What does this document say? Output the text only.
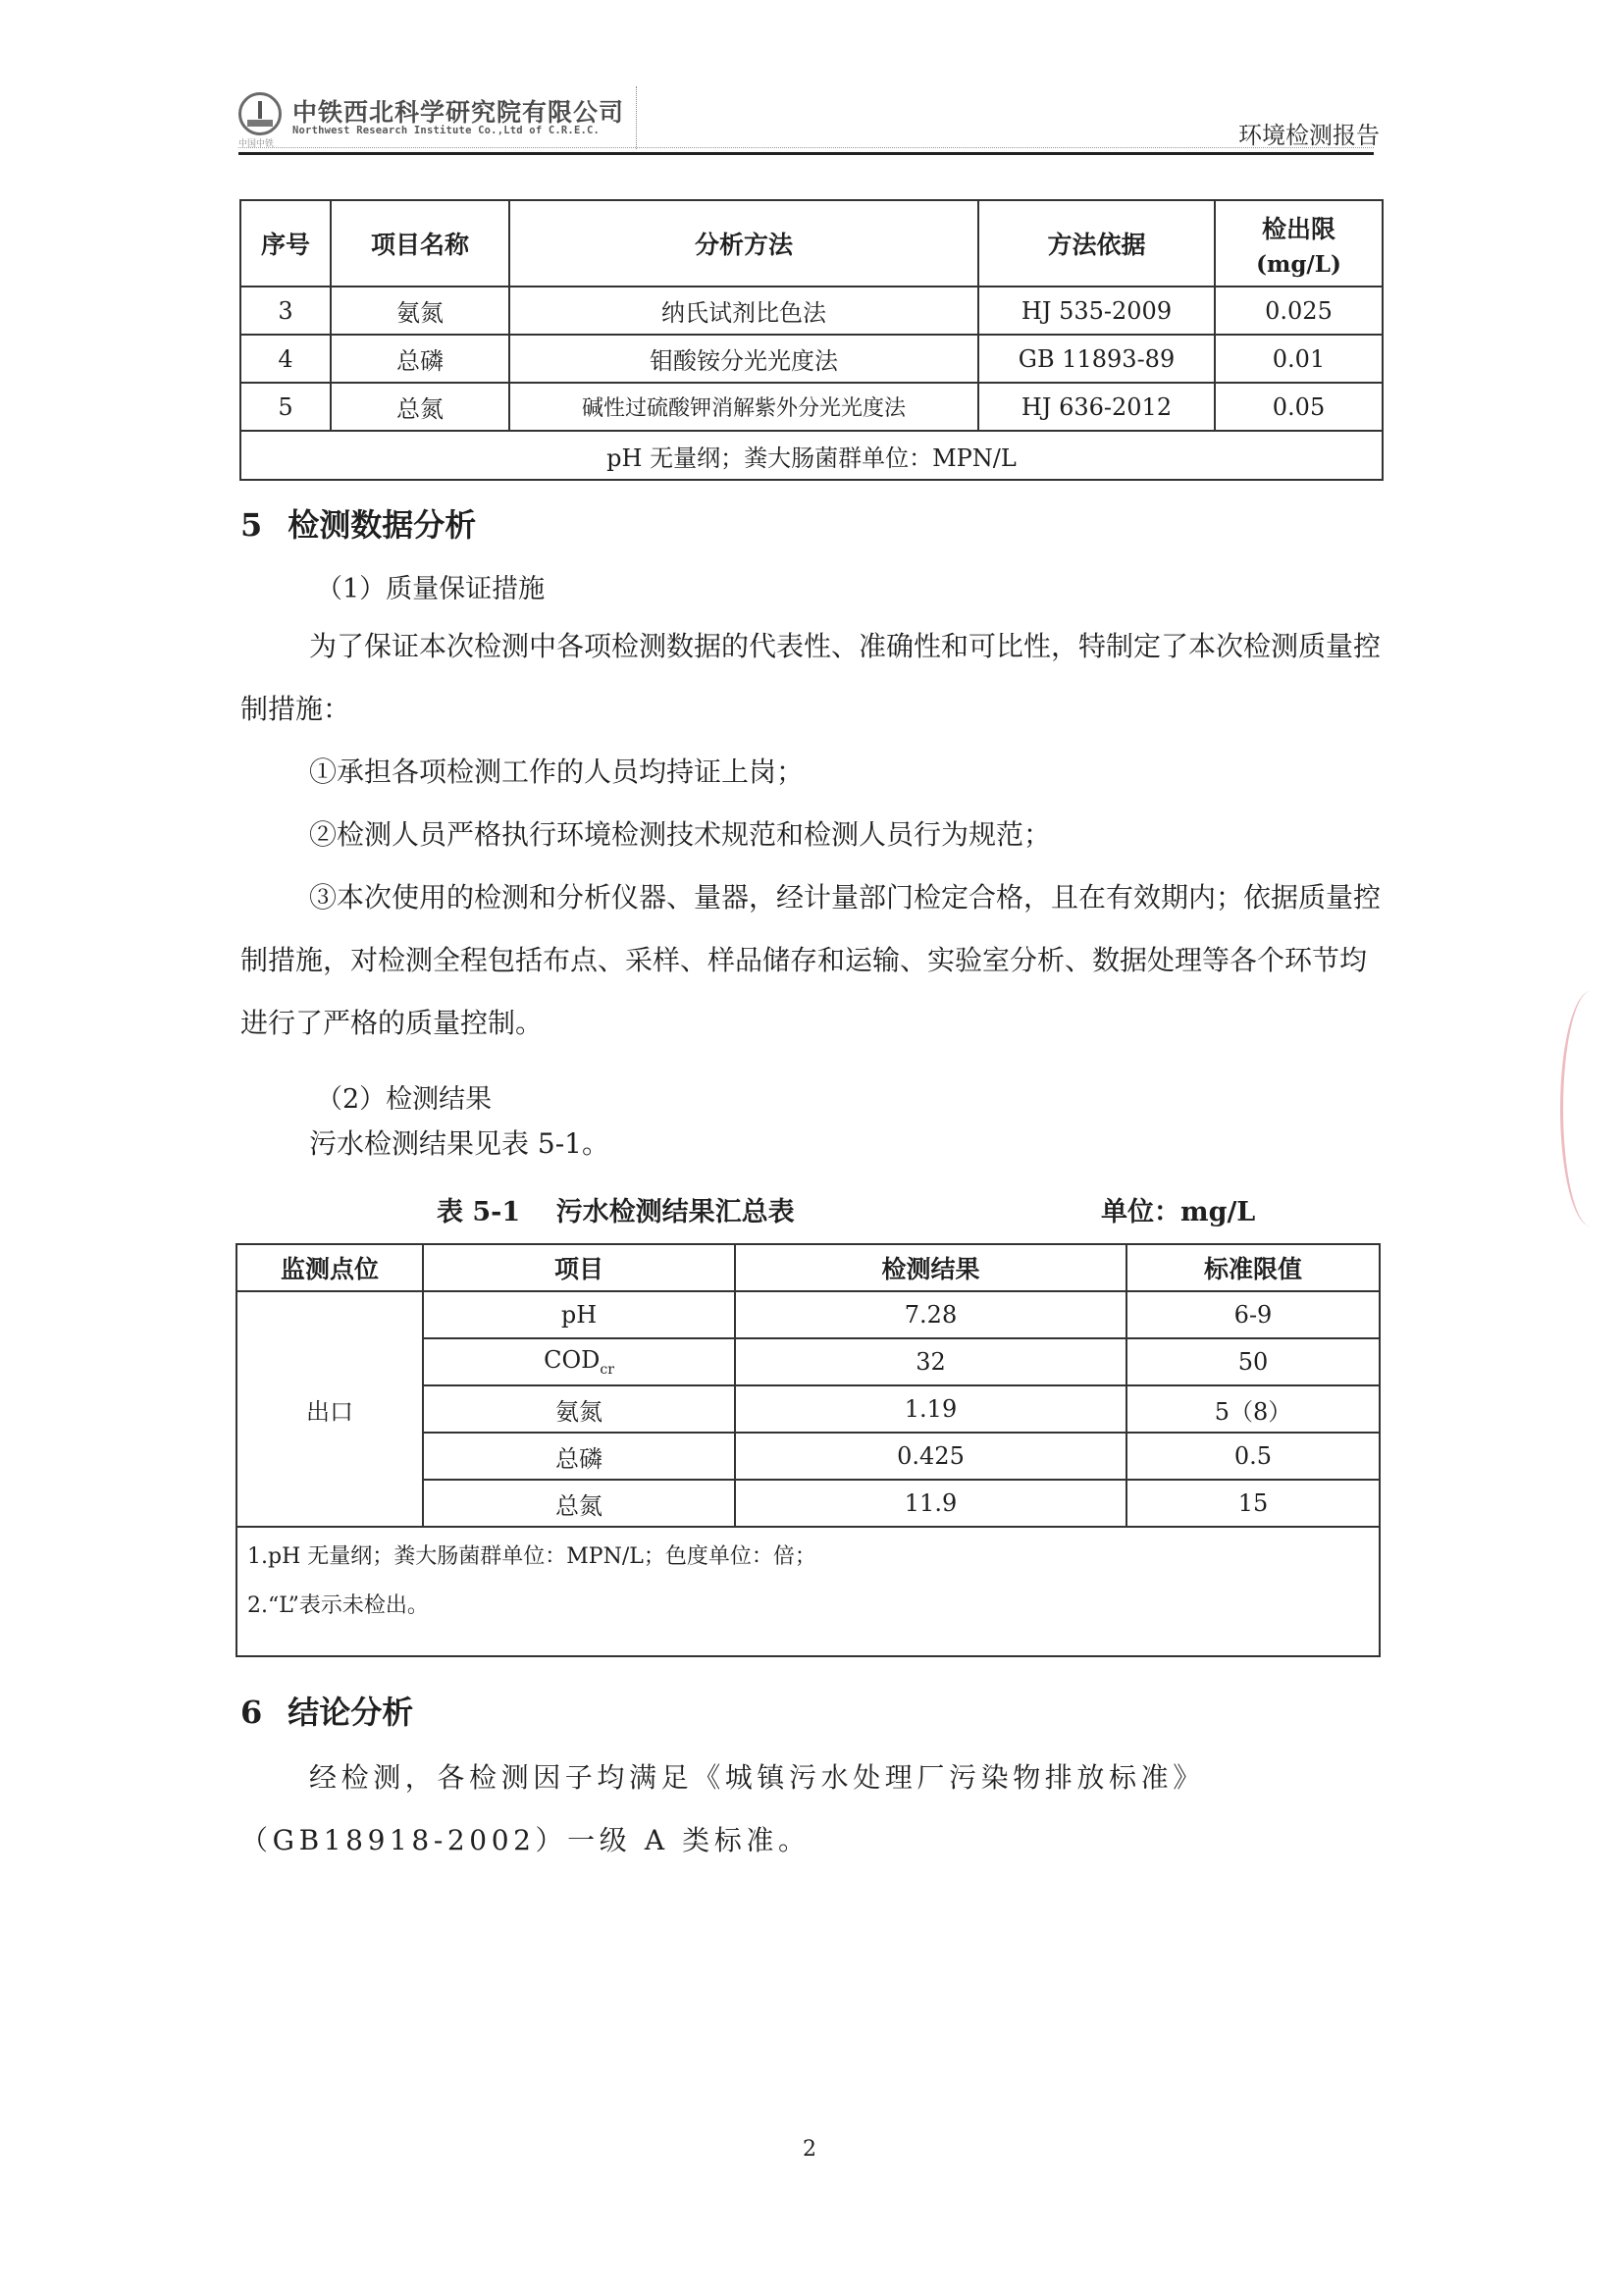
中国中铁
中铁西北科学研究院有限公司
Northwest Research Institute Co.,Ltd of C.R.E.C.	环境检测报告
序号	项目名称	分析方法	方法依据	检出限
(mg/L)

3	氨氮	纳氏试剂比色法	HJ 535-2009	0.025
4	总磷	钼酸铵分光光度法	GB 11893-89	0.01
5	总氮	碱性过硫酸钾消解紫外分光光度法	HJ 636-2012	0.05
pH 无量纲；粪大肠菌群单位：MPN/L				
5 检测数据分析
（1）质量保证措施
为了保证本次检测中各项检测数据的代表性、准确性和可比性，特制定了本次检测质量控制措施：
①承担各项检测工作的人员均持证上岗；
②检测人员严格执行环境检测技术规范和检测人员行为规范；
③本次使用的检测和分析仪器、量器，经计量部门检定合格，且在有效期内；依据质量控制措施，对检测全程包括布点、采样、样品储存和运输、实验室分析、数据处理等各个环节均进行了严格的质量控制。
（2）检测结果
污水检测结果见表 5-1。
表 5-1　 污水检测结果汇总表	单位：mg/L
监测点位	项目	检测结果	标准限值
出口	pH	7.28	6-9
	$COD_{cr}$	32	50
	氨氮	1.19	5（8）
	总磷	0.425	0.5
	总氮	11.9	15

1.pH 无量纲；粪大肠菌群单位：MPN/L；色度单位：倍；
2.“L”表示未检出。			
6 结论分析
经检测，各检测因子均满足《城镇污水处理厂污染物排放标准》（GB18918-2002）一级 A 类标准。
2
